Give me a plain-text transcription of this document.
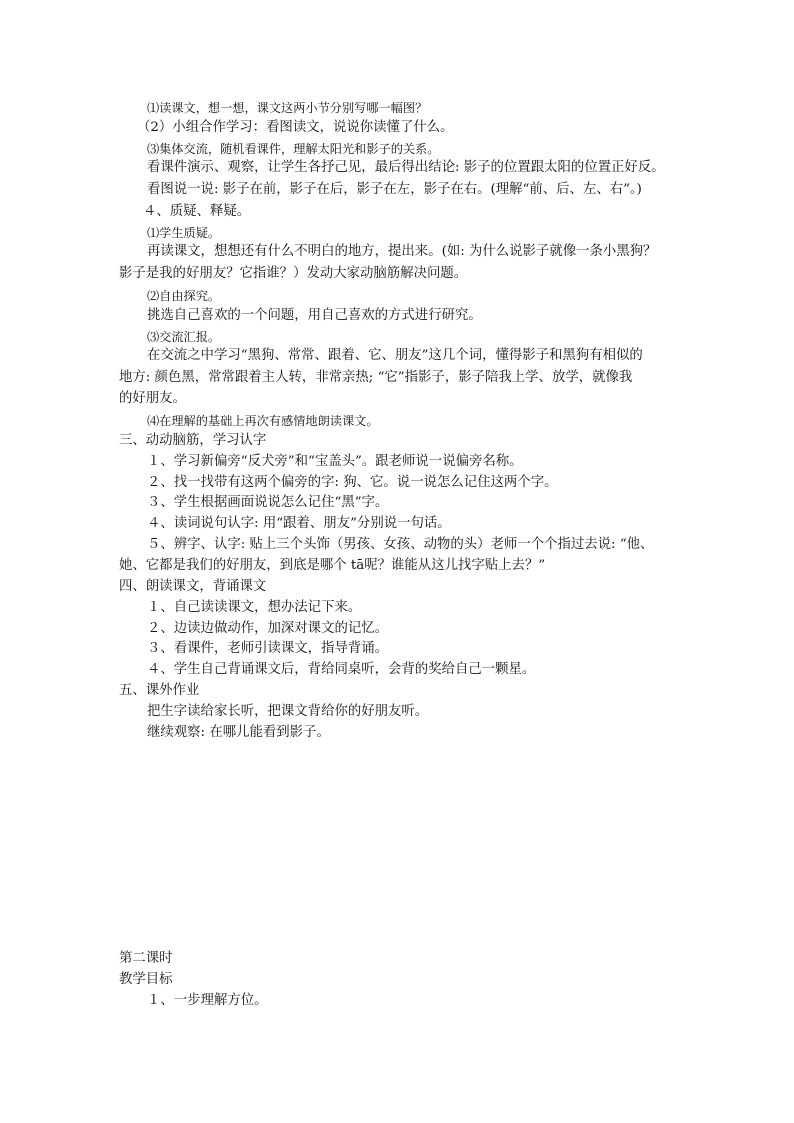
⑴读课文，想一想，课文这两小节分别写哪一幅图？
（2）小组合作学习：看图读文，说说你读懂了什么。
⑶集体交流，随机看课件，理解太阳光和影子的关系。
看课件演示、观察，让学生各抒己见，最后得出结论: 影子的位置跟太阳的位置正好反。
看图说一说: 影子在前，影子在后，影子在左，影子在右。(理解“前、后、左、右”。)
４、质疑、释疑。
⑴学生质疑。
再读课文，想想还有什么不明白的地方，提出来。(如: 为什么说影子就像一条小黑狗？
影子是我的好朋友？它指谁？）发动大家动脑筋解决问题。
⑵自由探究。
挑选自己喜欢的一个问题，用自己喜欢的方式进行研究。
⑶交流汇报。
在交流之中学习“黑狗、常常、跟着、它、朋友”这几个词，懂得影子和黑狗有相似的
地方: 颜色黑，常常跟着主人转，非常亲热; “它”指影子，影子陪我上学、放学，就像我
的好朋友。
⑷在理解的基础上再次有感情地朗读课文。
三、动动脑筋，学习认字
１、学习新偏旁“反犬旁”和“宝盖头”。跟老师说一说偏旁名称。
２、找一找带有这两个偏旁的字: 狗、它。说一说怎么记住这两个字。
３、学生根据画面说说怎么记住“黑”字。
４、读词说句认字: 用“跟着、朋友”分别说一句话。
５、辨字、认字: 贴上三个头饰（男孩、女孩、动物的头）老师一个个指过去说: “他、
她、它都是我们的好朋友，到底是哪个 tā呢？谁能从这儿找字贴上去？”
四、朗读课文，背诵课文
１、自己读读课文，想办法记下来。
２、边读边做动作，加深对课文的记忆。
３、看课件，老师引读课文，指导背诵。
４、学生自己背诵课文后，背给同桌听，会背的奖给自己一颗星。
五、课外作业
把生字读给家长听，把课文背给你的好朋友听。
继续观察: 在哪儿能看到影子。
第二课时
教学目标
１、一步理解方位。
